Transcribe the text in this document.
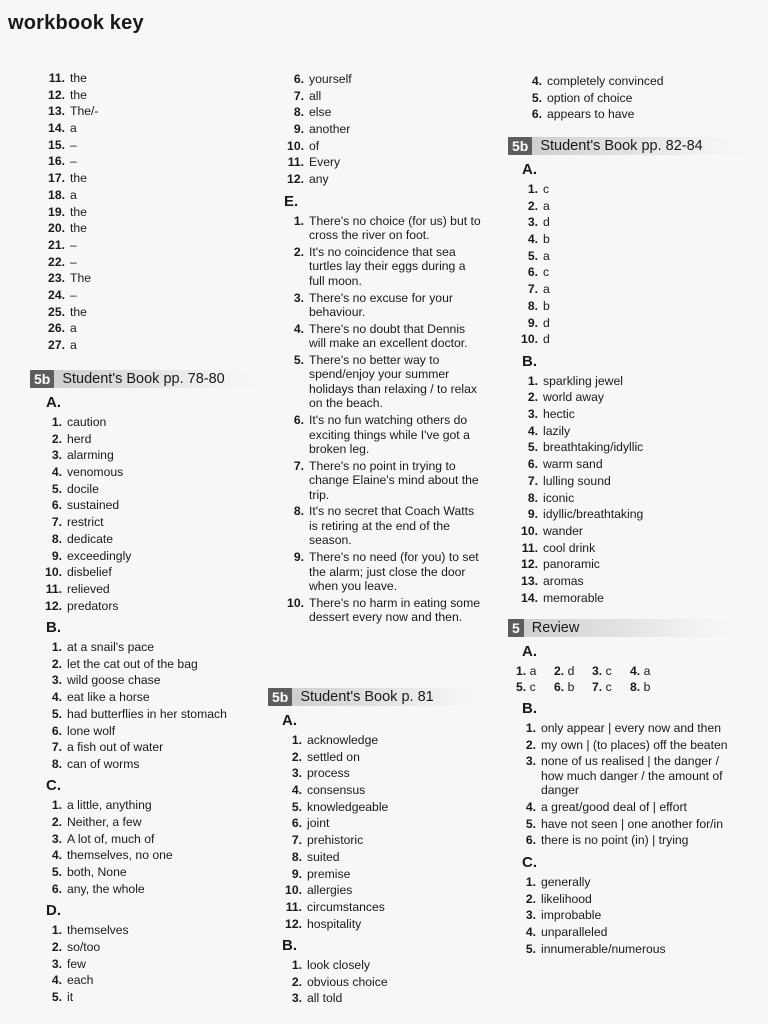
workbook key
11. the
12. the
13. The/-
14. a
15. –
16. –
17. the
18. a
19. the
20. the
21. –
22. –
23. The
24. –
25. the
26. a
27. a
5b Student's Book pp. 78-80
A.
1. caution
2. herd
3. alarming
4. venomous
5. docile
6. sustained
7. restrict
8. dedicate
9. exceedingly
10. disbelief
11. relieved
12. predators
B.
1. at a snail's pace
2. let the cat out of the bag
3. wild goose chase
4. eat like a horse
5. had butterflies in her stomach
6. lone wolf
7. a fish out of water
8. can of worms
C.
1. a little, anything
2. Neither, a few
3. A lot of, much of
4. themselves, no one
5. both, None
6. any, the whole
D.
1. themselves
2. so/too
3. few
4. each
5. it
6. yourself
7. all
8. else
9. another
10. of
11. Every
12. any
E.
1. There's no choice (for us) but to cross the river on foot.
2. It's no coincidence that sea turtles lay their eggs during a full moon.
3. There's no excuse for your behaviour.
4. There's no doubt that Dennis will make an excellent doctor.
5. There's no better way to spend/enjoy your summer holidays than relaxing / to relax on the beach.
6. It's no fun watching others do exciting things while I've got a broken leg.
7. There's no point in trying to change Elaine's mind about the trip.
8. It's no secret that Coach Watts is retiring at the end of the season.
9. There's no need (for you) to set the alarm; just close the door when you leave.
10. There's no harm in eating some dessert every now and then.
5b Student's Book p. 81
A.
1. acknowledge
2. settled on
3. process
4. consensus
5. knowledgeable
6. joint
7. prehistoric
8. suited
9. premise
10. allergies
11. circumstances
12. hospitality
B.
1. look closely
2. obvious choice
3. all told
4. completely convinced
5. option of choice
6. appears to have
5b Student's Book pp. 82-84
A.
1. c
2. a
3. d
4. b
5. a
6. c
7. a
8. b
9. d
10. d
B.
1. sparkling jewel
2. world away
3. hectic
4. lazily
5. breathtaking/idyllic
6. warm sand
7. lulling sound
8. iconic
9. idyllic/breathtaking
10. wander
11. cool drink
12. panoramic
13. aromas
14. memorable
5 Review
A.
1. a	2. d	3. c	4. a
5. c	6. b	7. c	8. b
B.
1. only appear | every now and then
2. my own | (to places) off the beaten
3. none of us realised | the danger / how much danger / the amount of danger
4. a great/good deal of | effort
5. have not seen | one another for/in
6. there is no point (in) | trying
C.
1. generally
2. likelihood
3. improbable
4. unparalleled
5. innumerable/numerous
